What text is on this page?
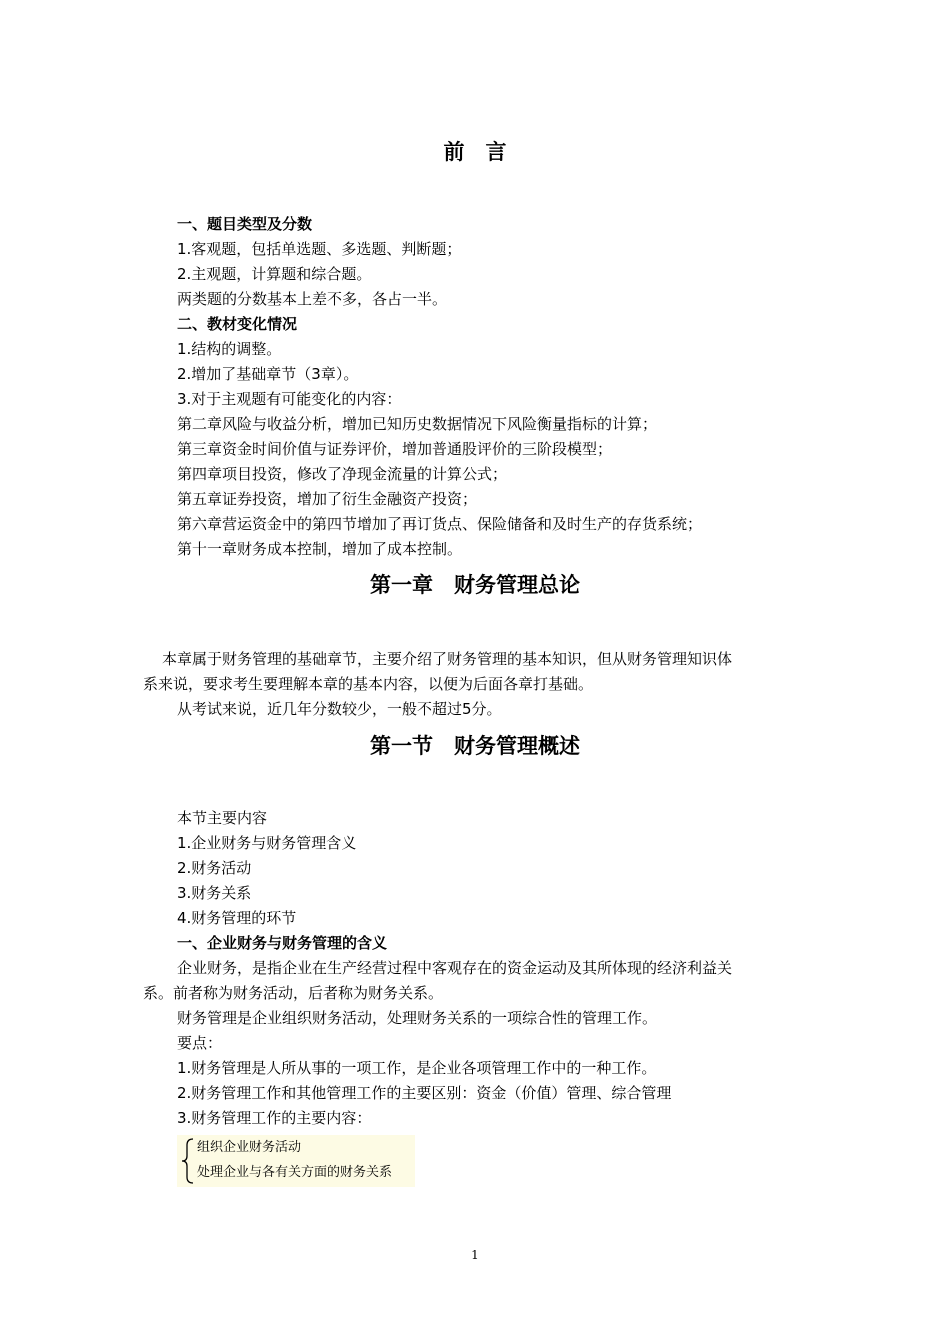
前　言
一、题目类型及分数
1.客观题，包括单选题、多选题、判断题；
2.主观题，计算题和综合题。
两类题的分数基本上差不多，各占一半。
二、教材变化情况
1.结构的调整。
2.增加了基础章节（3章）。
3.对于主观题有可能变化的内容：
第二章风险与收益分析，增加已知历史数据情况下风险衡量指标的计算；
第三章资金时间价值与证券评价，增加普通股评价的三阶段模型；
第四章项目投资，修改了净现金流量的计算公式；
第五章证券投资，增加了衍生金融资产投资；
第六章营运资金中的第四节增加了再订货点、保险储备和及时生产的存货系统；
第十一章财务成本控制，增加了成本控制。
第一章　财务管理总论
本章属于财务管理的基础章节，主要介绍了财务管理的基本知识，但从财务管理知识体
系来说，要求考生要理解本章的基本内容，以便为后面各章打基础。
从考试来说，近几年分数较少，一般不超过5分。
第一节　财务管理概述
本节主要内容
1.企业财务与财务管理含义
2.财务活动
3.财务关系
4.财务管理的环节
一、企业财务与财务管理的含义
企业财务，是指企业在生产经营过程中客观存在的资金运动及其所体现的经济利益关
系。前者称为财务活动，后者称为财务关系。
财务管理是企业组织财务活动，处理财务关系的一项综合性的管理工作。
要点：
1.财务管理是人所从事的一项工作，是企业各项管理工作中的一种工作。
2.财务管理工作和其他管理工作的主要区别：资金（价值）管理、综合管理
3.财务管理工作的主要内容：
组织企业财务活动
处理企业与各有关方面的财务关系
1
